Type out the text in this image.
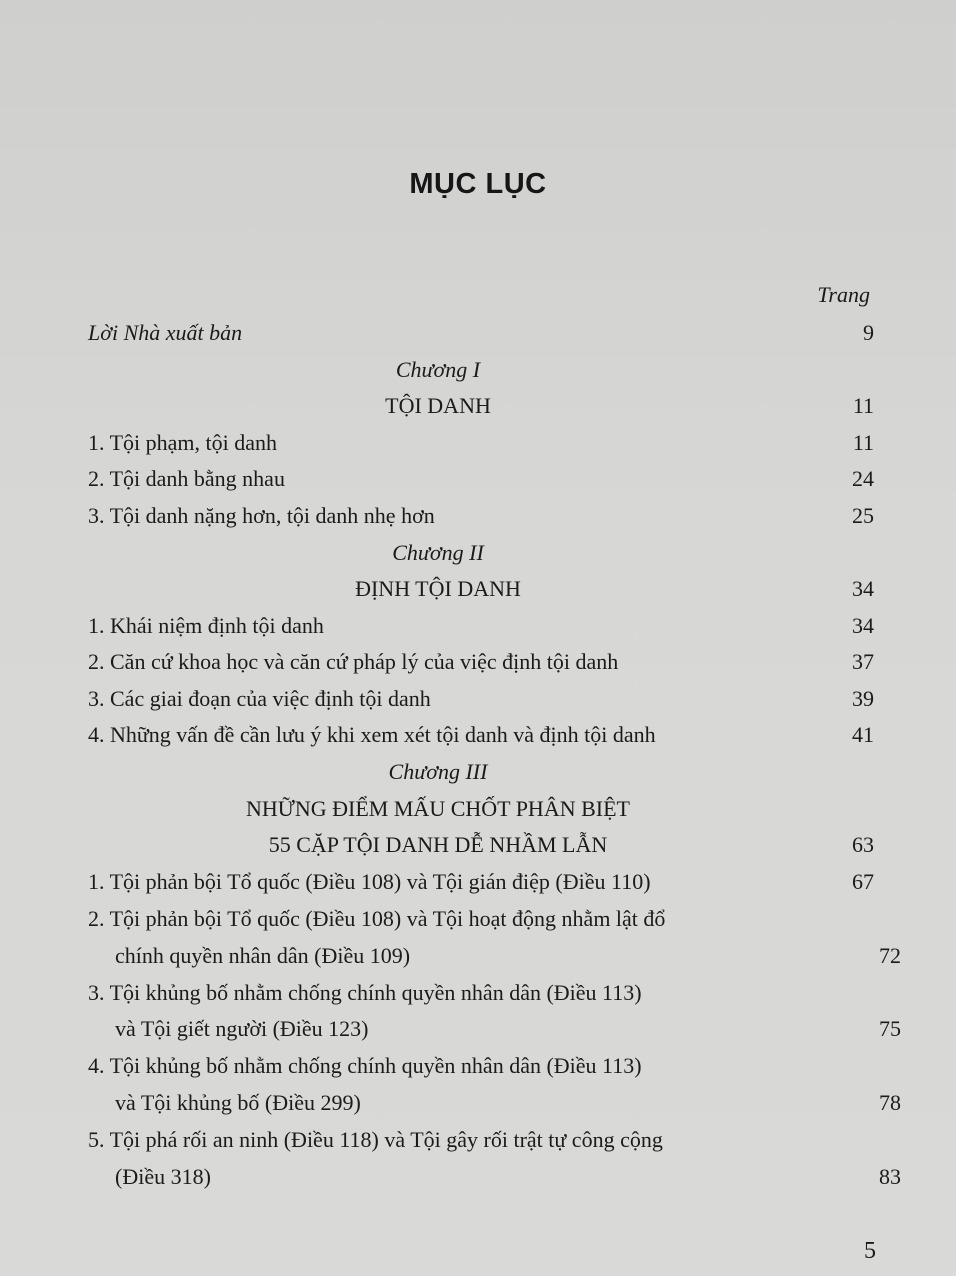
MỤC LỤC
Trang
Lời Nhà xuất bản	9
Chương I
TỘI DANH	11
1. Tội phạm, tội danh	11
2. Tội danh bằng nhau	24
3. Tội danh nặng hơn, tội danh nhẹ hơn	25
Chương II
ĐỊNH TỘI DANH	34
1. Khái niệm định tội danh	34
2. Căn cứ khoa học và căn cứ pháp lý của việc định tội danh	37
3. Các giai đoạn của việc định tội danh	39
4. Những vấn đề cần lưu ý khi xem xét tội danh và định tội danh	41
Chương III
NHỮNG ĐIỂM MẤU CHỐT PHÂN BIỆT
55 CẶP TỘI DANH DỄ NHẦM LẪN	63
1. Tội phản bội Tổ quốc (Điều 108) và Tội gián điệp (Điều 110)	67
2. Tội phản bội Tổ quốc (Điều 108) và Tội hoạt động nhằm lật đổ
chính quyền nhân dân (Điều 109)	72
3. Tội khủng bố nhằm chống chính quyền nhân dân (Điều 113)
và Tội giết người (Điều 123)	75
4. Tội khủng bố nhằm chống chính quyền nhân dân (Điều 113)
và Tội khủng bố (Điều 299)	78
5. Tội phá rối an ninh (Điều 118) và Tội gây rối trật tự công cộng
(Điều 318)	83
5
